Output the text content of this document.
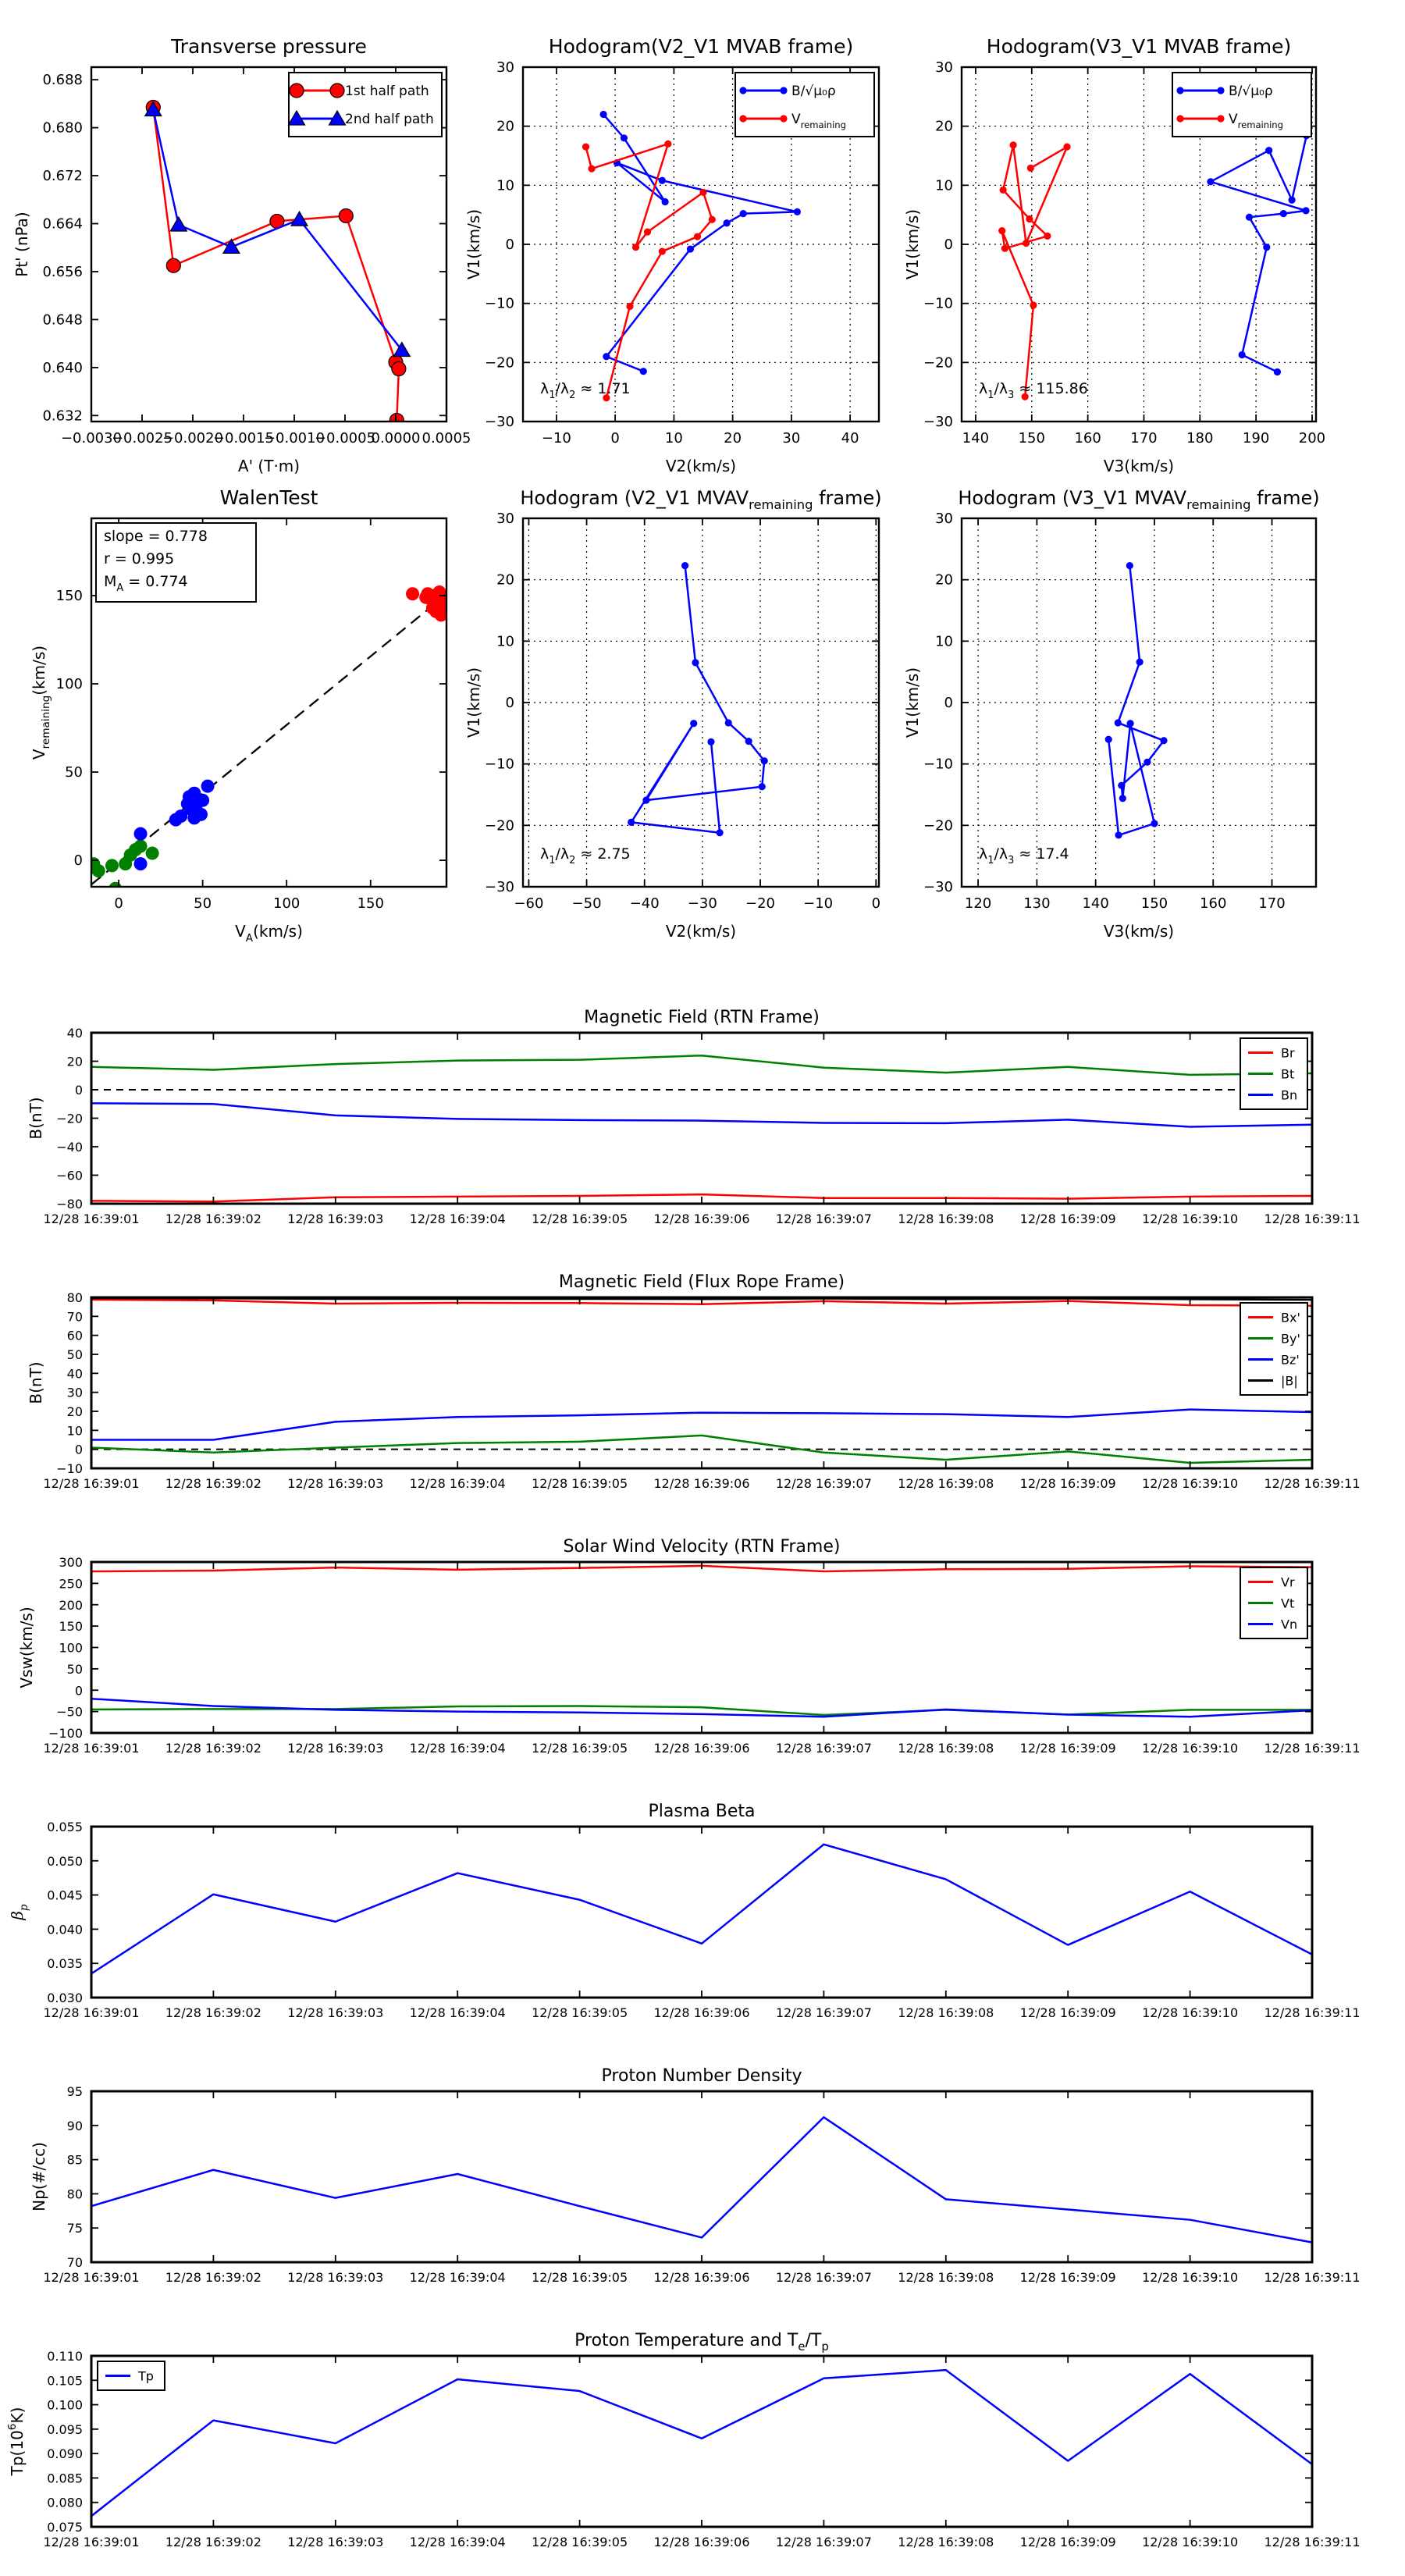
−0.0030
−0.0025
−0.0020
−0.0015
−0.0010
−0.0005
0.0000 0.0005
0.632
0.640
0.648
0.656
0.664
0.672
0.680
0.688
Transverse pressure
A' (T·m)
Pt' (nPa)
1st half path
2nd half path
−10	0	10	20	30	40
30
20
10
0
−10
−20
−30
Hodogram(V2_V1 MVAB frame)
V2(km/s)
V1(km/s)
$\lambda_1/\lambda_2 \approx 1.71$
B/√μ₀ρ
$V_{remaining}$
140 150 160 170 180 190 200
30
20
10
0
−10
−20
−30
Hodogram(V3_V1 MVAB frame)
V3(km/s)
V1(km/s)
$\lambda_1/\lambda_3 \approx 115.86$
B/√μ₀ρ
$V_{remaining}$
0	50	100	150
0
50
100
150
WalenTest
$V_A(km/s)$
$V_{remaining}(km/s)$
slope = 0.778
r = 0.995
$M_A = 0.774$
−60 −50 −40 −30 −20 −10	0
30
20
10
0
−10
−20
−30
Hodogram (V2_V1 $MVAV_{remaining}$ frame)
V2(km/s)
V1(km/s)
$\lambda_1/\lambda_2 \approx 2.75$
120 130 140 150 160 170
30
20
10
0
−10
−20
−30
Hodogram (V3_V1 $MVAV_{remaining}$ frame)
V3(km/s)
V1(km/s)
$\lambda_1/\lambda_3 \approx 17.4$
12/28 16:39:01 12/28 16:39:02 12/28 16:39:03 12/28 16:39:04 12/28 16:39:05 12/28 16:39:06 12/28 16:39:07 12/28 16:39:08 12/28 16:39:09 12/28 16:39:10 12/28 16:39:11
40
20
0
−20
−40
−60
−80
Magnetic Field (RTN Frame)
B(nT)
Br
Bt
Bn
12/28 16:39:01 12/28 16:39:02 12/28 16:39:03 12/28 16:39:04 12/28 16:39:05 12/28 16:39:06 12/28 16:39:07 12/28 16:39:08 12/28 16:39:09 12/28 16:39:10 12/28 16:39:11
80
70
60
50
40
30
20
10
0
−10
Magnetic Field (Flux Rope Frame)
B(nT)
Bx'
By'
Bz'
|B|
12/28 16:39:01 12/28 16:39:02 12/28 16:39:03 12/28 16:39:04 12/28 16:39:05 12/28 16:39:06 12/28 16:39:07 12/28 16:39:08 12/28 16:39:09 12/28 16:39:10 12/28 16:39:11
300
250
200
150
100
50
0
−50
−100
Solar Wind Velocity (RTN Frame)
Vsw(km/s)
Vr
Vt
Vn
12/28 16:39:01 12/28 16:39:02 12/28 16:39:03 12/28 16:39:04 12/28 16:39:05 12/28 16:39:06 12/28 16:39:07 12/28 16:39:08 12/28 16:39:09 12/28 16:39:10 12/28 16:39:11
0.055
0.050
0.045
0.040
0.035
0.030
Plasma Beta
$\beta_p$
12/28 16:39:01 12/28 16:39:02 12/28 16:39:03 12/28 16:39:04 12/28 16:39:05 12/28 16:39:06 12/28 16:39:07 12/28 16:39:08 12/28 16:39:09 12/28 16:39:10 12/28 16:39:11
95
90
85
80
75
70
Proton Number Density
Np(#/cc)
12/28 16:39:01 12/28 16:39:02 12/28 16:39:03 12/28 16:39:04 12/28 16:39:05 12/28 16:39:06 12/28 16:39:07 12/28 16:39:08 12/28 16:39:09 12/28 16:39:10 12/28 16:39:11
0.110
0.105
0.100
0.095
0.090
0.085
0.080
0.075
Proton Temperature and $T_e/T_p$
$Tp(10^6K)$
Tp
